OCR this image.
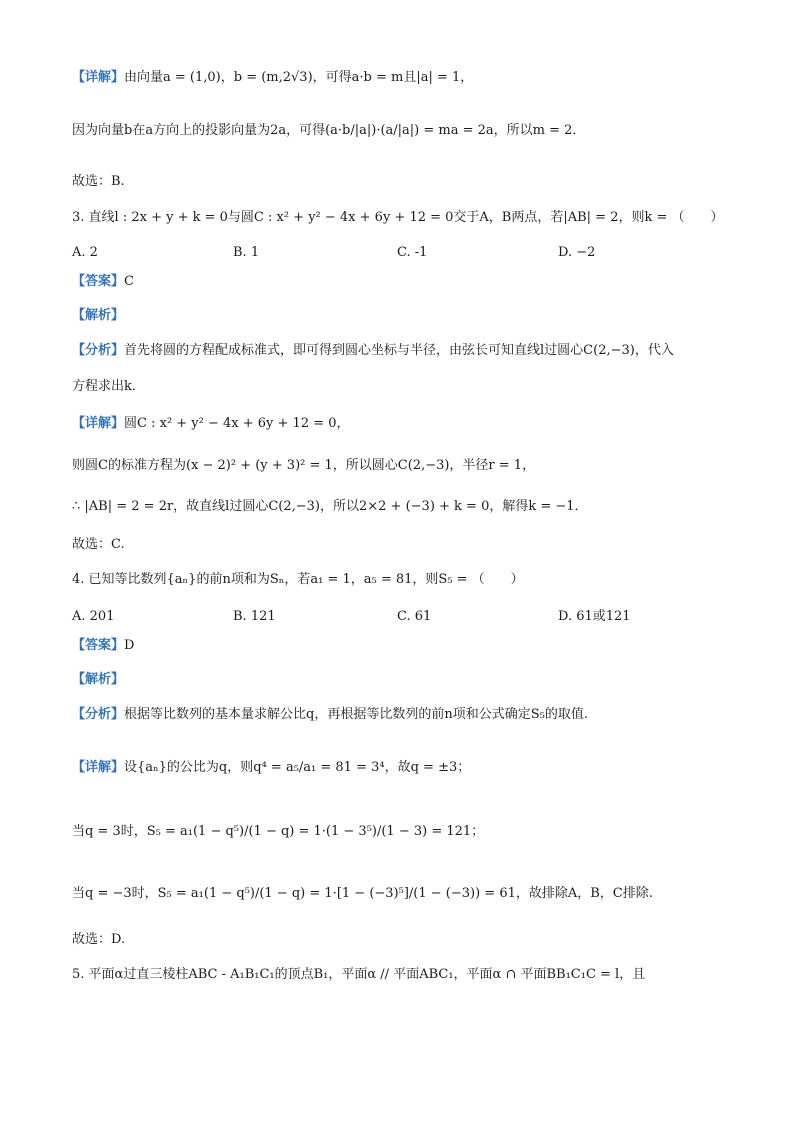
A. 2	B. 1	C. -1	D. −2
A. 201	B. 121	C. 61	D. 61或121
【详解】由向量a = (1,0)，b = (m,2√3)，可得a·b = m且|a| = 1，
因为向量b在a方向上的投影向量为2a，可得(a·b/|a|)·(a/|a|) = ma = 2a，所以m = 2．
故选：B.
3. 直线l : 2x + y + k = 0与圆C : x² + y² − 4x + 6y + 12 = 0交于A，B两点，若|AB| = 2，则k = （　　）
【答案】C
【解析】
【分析】首先将圆的方程配成标准式，即可得到圆心坐标与半径，由弦长可知直线l过圆心C(2,−3)，代入
方程求出k．
【详解】圆C : x² + y² − 4x + 6y + 12 = 0，
则圆C的标准方程为(x − 2)² + (y + 3)² = 1，所以圆心C(2,−3)，半径r = 1，
∴ |AB| = 2 = 2r，故直线l过圆心C(2,−3)，所以2×2 + (−3) + k = 0，解得k = −1．
故选：C.
4. 已知等比数列{aₙ}的前n项和为Sₙ，若a₁ = 1，a₅ = 81，则S₅ = （　　）
【答案】D
【解析】
【分析】根据等比数列的基本量求解公比q，再根据等比数列的前n项和公式确定S₅的取值.
【详解】设{aₙ}的公比为q，则q⁴ = a₅/a₁ = 81 = 3⁴，故q = ±3；
当q = 3时，S₅ = a₁(1 − q⁵)/(1 − q) = 1·(1 − 3⁵)/(1 − 3) = 121；
当q = −3时，S₅ = a₁(1 − q⁵)/(1 − q) = 1·[1 − (−3)⁵]/(1 − (−3)) = 61，故排除A，B，C排除.
故选：D.
5. 平面α过直三棱柱ABC - A₁B₁C₁的顶点B₁，平面α // 平面ABC₁，平面α ∩ 平面BB₁C₁C = l，且
